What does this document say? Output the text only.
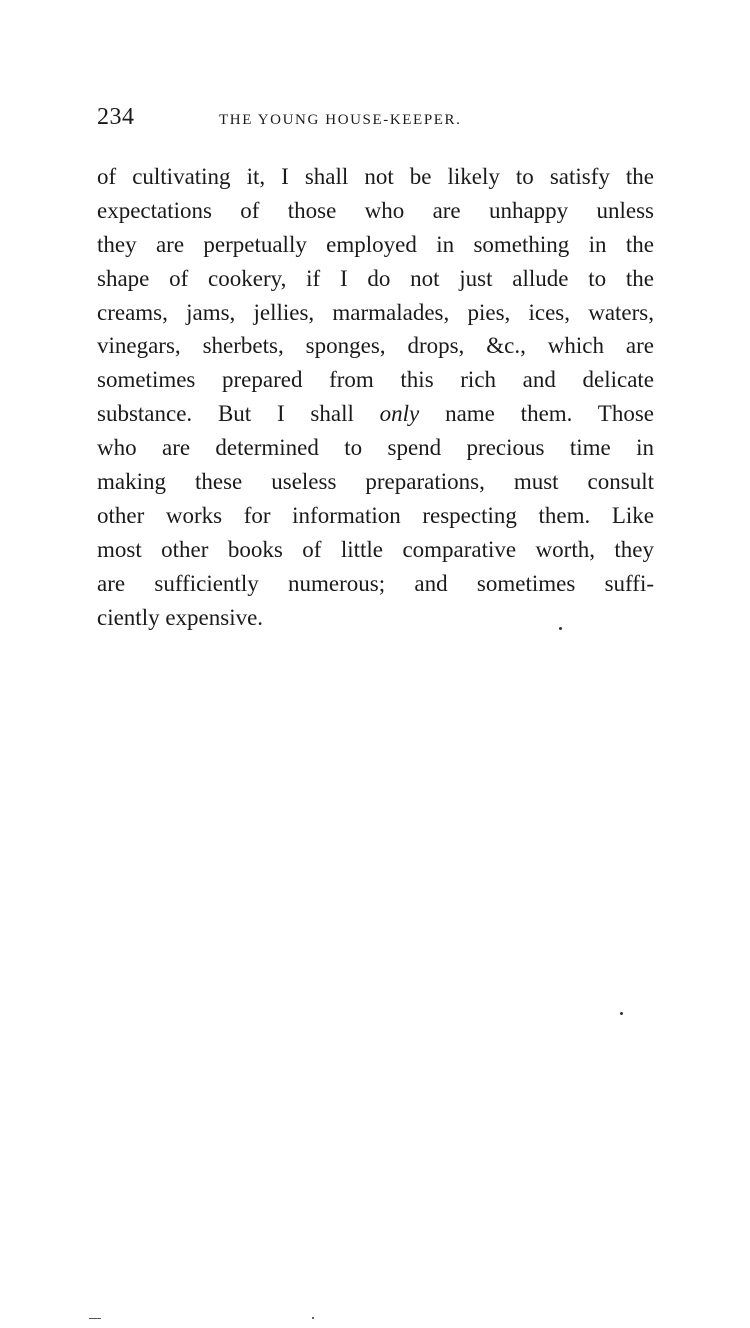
234	THE YOUNG HOUSE-KEEPER.
of cultivating it, I shall not be likely to satisfy the
expectations of those who are unhappy unless
they are perpetually employed in something in the
shape of cookery, if I do not just allude to the
creams, jams, jellies, marmalades, pies, ices, waters,
vinegars, sherbets, sponges, drops, &c., which are
sometimes prepared from this rich and delicate
substance. But I shall only name them. Those
who are determined to spend precious time in
making these useless preparations, must consult
other works for information respecting them. Like
most other books of little comparative worth, they
are sufficiently numerous; and sometimes suffi-
ciently expensive.
